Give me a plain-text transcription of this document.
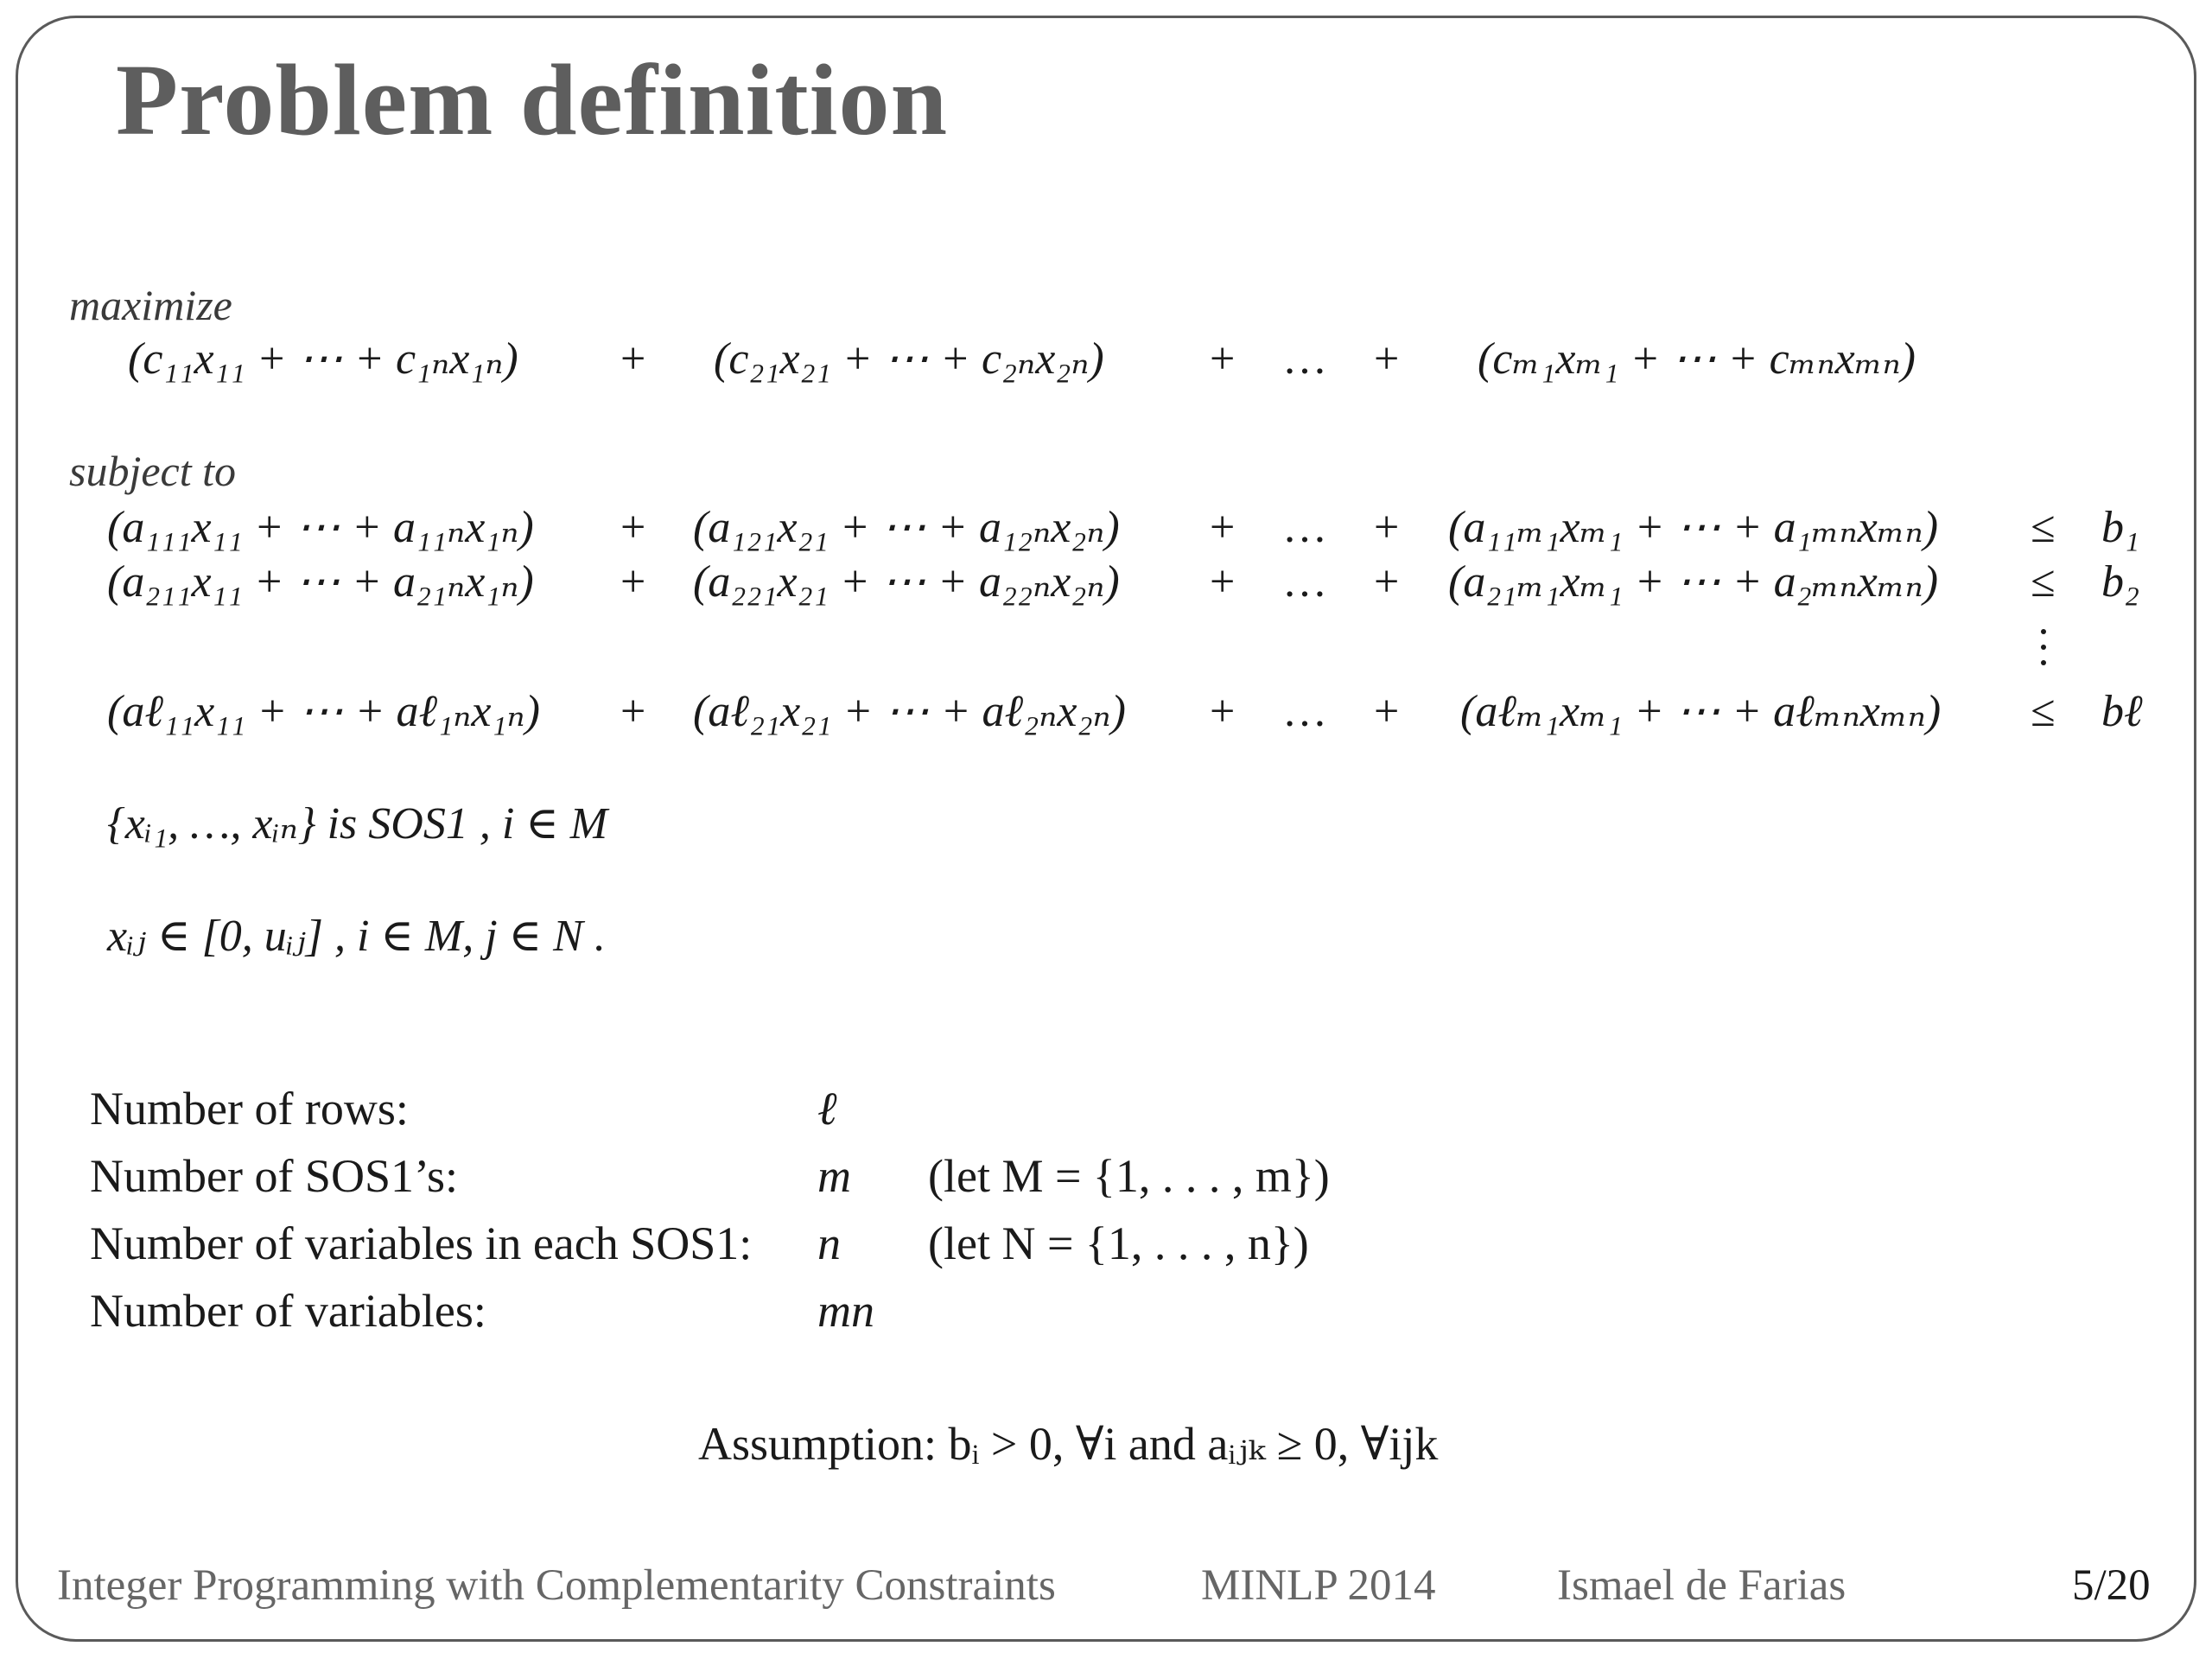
Problem definition
maximize
(c₁₁x₁₁ + ⋯ + c₁ₙx₁ₙ) + (c₂₁x₂₁ + ⋯ + c₂ₙx₂ₙ) + … + (cₘ₁xₘ₁ + ⋯ + cₘₙxₘₙ)
subject to
(a₁₁₁x₁₁ + ⋯ + a₁₁ₙx₁ₙ) + (a₁₂₁x₂₁ + ⋯ + a₁₂ₙx₂ₙ) + … + (a₁₁ₘ₁xₘ₁ + ⋯ + a₁ₘₙxₘₙ) ≤ b₁
(a₂₁₁x₁₁ + ⋯ + a₂₁ₙx₁ₙ) + (a₂₂₁x₂₁ + ⋯ + a₂₂ₙx₂ₙ) + … + (a₂₁ₘ₁xₘ₁ + ⋯ + a₂ₘₙxₘₙ) ≤ b₂
(aℓ₁₁x₁₁ + ⋯ + aℓ₁ₙx₁ₙ) + (aℓ₂₁x₂₁ + ⋯ + aℓ₂ₙx₂ₙ) + … + (aℓₘ₁xₘ₁ + ⋯ + aℓₘₙxₘₙ) ≤ bℓ
{xᵢ₁, …, xᵢₙ} is SOS1 , i ∈ M
xᵢⱼ ∈ [0, uᵢⱼ] , i ∈ M, j ∈ N .
Number of rows:	ℓ
Number of SOS1’s:	m (let M = {1, . . . , m})
Number of variables in each SOS1: n (let N = {1, . . . , n})
Number of variables:	mn
Assumption: bᵢ > 0, ∀i and aᵢⱼₖ ≥ 0, ∀ijk
Integer Programming with Complementarity Constraints	MINLP 2014	Ismael de Farias	5/20
